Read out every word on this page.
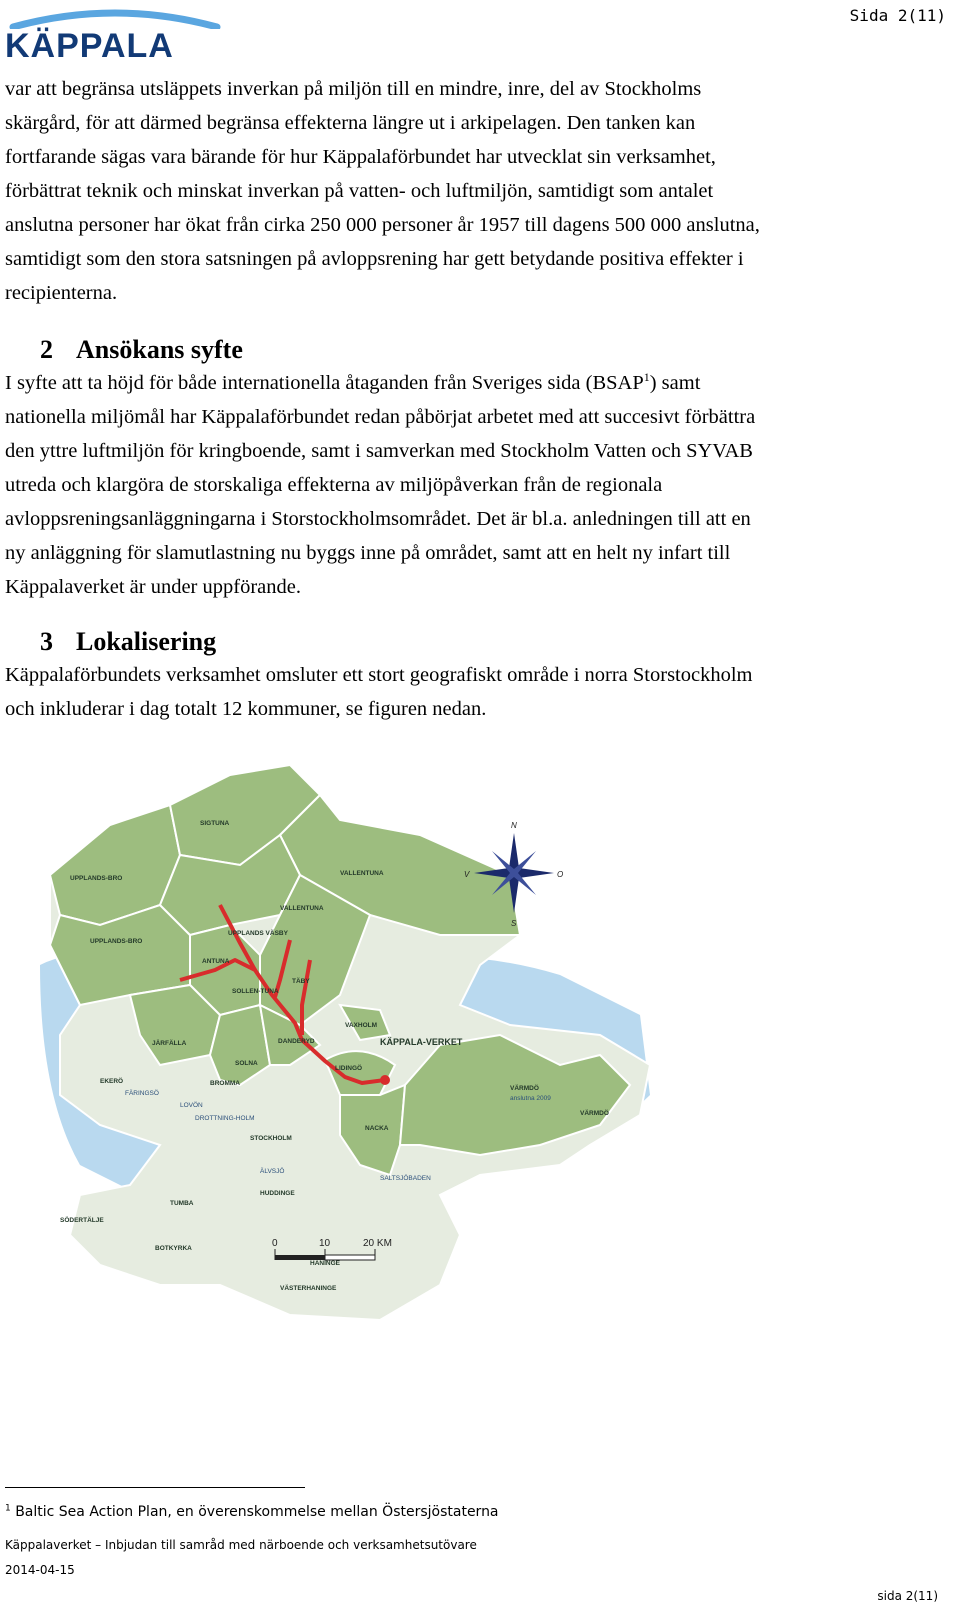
KÄPPALA
Sida 2(11)
var att begränsa utsläppets inverkan på miljön till en mindre, inre, del av Stockholms
skärgård, för att därmed begränsa effekterna längre ut i arkipelagen. Den tanken kan
fortfarande sägas vara bärande för hur Käppalaförbundet har utvecklat sin verksamhet,
förbättrat teknik och minskat inverkan på vatten- och luftmiljön, samtidigt som antalet
anslutna personer har ökat från cirka 250 000 personer år 1957 till dagens 500 000 anslutna,
samtidigt som den stora satsningen på avloppsrening har gett betydande positiva effekter i
recipienterna.
2 Ansökans syfte
I syfte att ta höjd för både internationella åtaganden från Sveriges sida (BSAP$^1$) samt
nationella miljömål har Käppalaförbundet redan påbörjat arbetet med att succesivt förbättra
den yttre luftmiljön för kringboende, samt i samverkan med Stockholm Vatten och SYVAB
utreda och klargöra de storskaliga effekterna av miljöpåverkan från de regionala
avloppsreningsanläggningarna i Storstockholmsområdet. Det är bl.a. anledningen till att en
ny anläggning för slamutlastning nu byggs inne på området, samt att en helt ny infart till
Käppalaverket är under uppförande.
3 Lokalisering
Käppalaförbundets verksamhet omsluter ett stort geografiskt område i norra Storstockholm
och inkluderar i dag totalt 12 kommuner, se figuren nedan.
SIGTUNA
UPPLANDS-BRO
VALLENTUNA
VALLENTUNA
UPPLANDS-BRO
UPPLANDS VÄSBY
ANTUNA
SOLLEN-TUNA
TÄBY
JÄRFÄLLA	DANDERYD
VAXHOLM
EKERÖ
SOLNA
LIDINGÖ
NACKA
VÄRMDÖ
VÄRMDÖ
KÄPPALA-VERKET
BROMMA
STOCKHOLM
HUDDINGE
SÖDERTÄLJE
TUMBA
BOTKYRKA
HANINGE
VÄSTERHANINGE
FÄRINGSÖ
LOVÖN
ÄLVSJÖ
SALTSJÖBADEN
DROTTNING-HOLM
anslutna 2009
N
V	O
S
0	10	20 KM
$^1$ Baltic Sea Action Plan, en överenskommelse mellan Östersjöstaterna
Käppalaverket – Inbjudan till samråd med närboende och verksamhetsutövare
2014-04-15
sida 2(11)
